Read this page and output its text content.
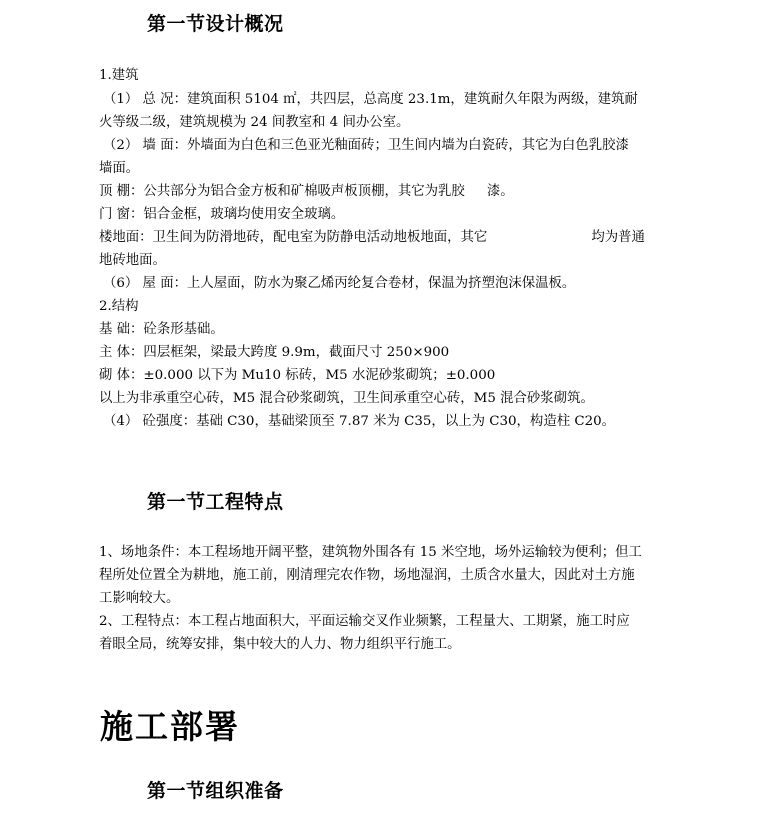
第一节设计概况
1.建筑
（1） 总 况：建筑面积 5104 ㎡，共四层，总高度 23.1m，建筑耐久年限为两级，建筑耐
火等级二级，建筑规模为 24 间教室和 4 间办公室。
（2） 墙 面：外墙面为白色和三色亚光釉面砖；卫生间内墙为白瓷砖，其它为白色乳胶漆
墙面。
顶 棚：公共部分为铝合金方板和矿棉吸声板顶棚，其它为乳胶 漆。
门 窗：铝合金框，玻璃均使用安全玻璃。
楼地面：卫生间为防滑地砖，配电室为防静电活动地板地面，其它	均为普通
地砖地面。
（6） 屋 面：上人屋面，防水为聚乙烯丙纶复合卷材，保温为挤塑泡沫保温板。
2.结构
基 础：砼条形基础。
主 体：四层框架，梁最大跨度 9.9m，截面尺寸 250×900
砌 体：±0.000 以下为 Mu10 标砖，M5 水泥砂浆砌筑；±0.000
以上为非承重空心砖，M5 混合砂浆砌筑，卫生间承重空心砖，M5 混合砂浆砌筑。
（4） 砼强度：基础 C30，基础梁顶至 7.87 米为 C35，以上为 C30，构造柱 C20。
第一节工程特点
1、场地条件：本工程场地开阔平整，建筑物外围各有 15 米空地，场外运输较为便利；但工
程所处位置全为耕地，施工前，刚清理完农作物，场地湿润，土质含水量大，因此对土方施
工影响较大。
2、工程特点：本工程占地面积大，平面运输交叉作业频繁，工程量大、工期紧，施工时应
着眼全局，统筹安排，集中较大的人力、物力组织平行施工。
施工部署
第一节组织准备
